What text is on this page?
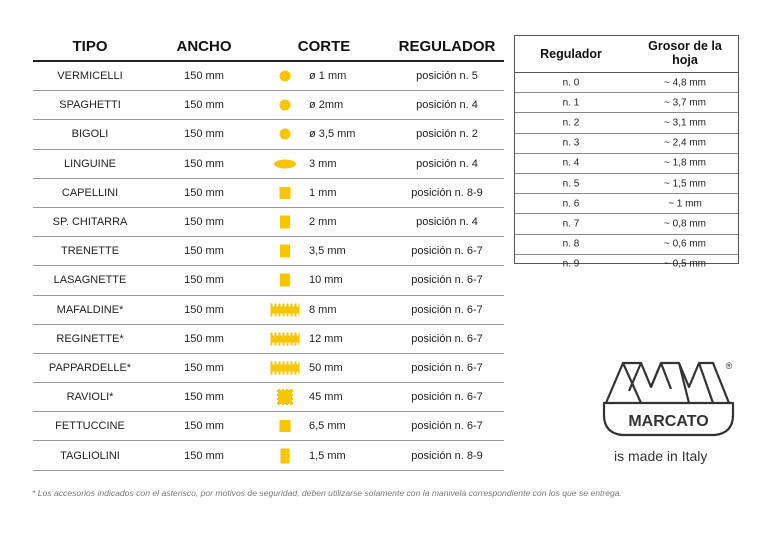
TIPO	ANCHO	CORTE	REGULADOR
VERMICELLI	150 mm	ø 1 mm	posición n. 5
SPAGHETTI	150 mm	ø 2mm	posición n. 4
BIGOLI	150 mm	ø 3,5 mm	posición n. 2
LINGUINE	150 mm	3 mm	posición n. 4
CAPELLINI	150 mm	1 mm	posición n. 8-9
SP. CHITARRA	150 mm	2 mm	posición n. 4
TRENETTE	150 mm	3,5 mm	posición n. 6-7
LASAGNETTE	150 mm	10 mm	posición n. 6-7
MAFALDINE*	150 mm	8 mm	posición n. 6-7
REGINETTE*	150 mm	12 mm	posición n. 6-7
PAPPARDELLE*	150 mm	50 mm	posición n. 6-7
RAVIOLI*	150 mm	45 mm	posición n. 6-7
FETTUCCINE	150 mm	6,5 mm	posición n. 6-7
TAGLIOLINI	150 mm	1,5 mm	posición n. 8-9
Regulador
Grosor de la hoja
n. 0	~ 4,8 mm
n. 1	~ 3,7 mm
n. 2	~ 3,1 mm
n. 3	~ 2,4 mm
n. 4	~ 1,8 mm
n. 5	~ 1,5 mm
n. 6	~ 1 mm
n. 7	~ 0,8 mm
n. 8	~ 0,6 mm
n. 9	~ 0,5 mm
MARCATO
®
is made in Italy
* Los accesorios indicados con el asterisco, por motivos de seguridad, deben utilizarse solamente con la manivela correspondiente con los que se entrega.
